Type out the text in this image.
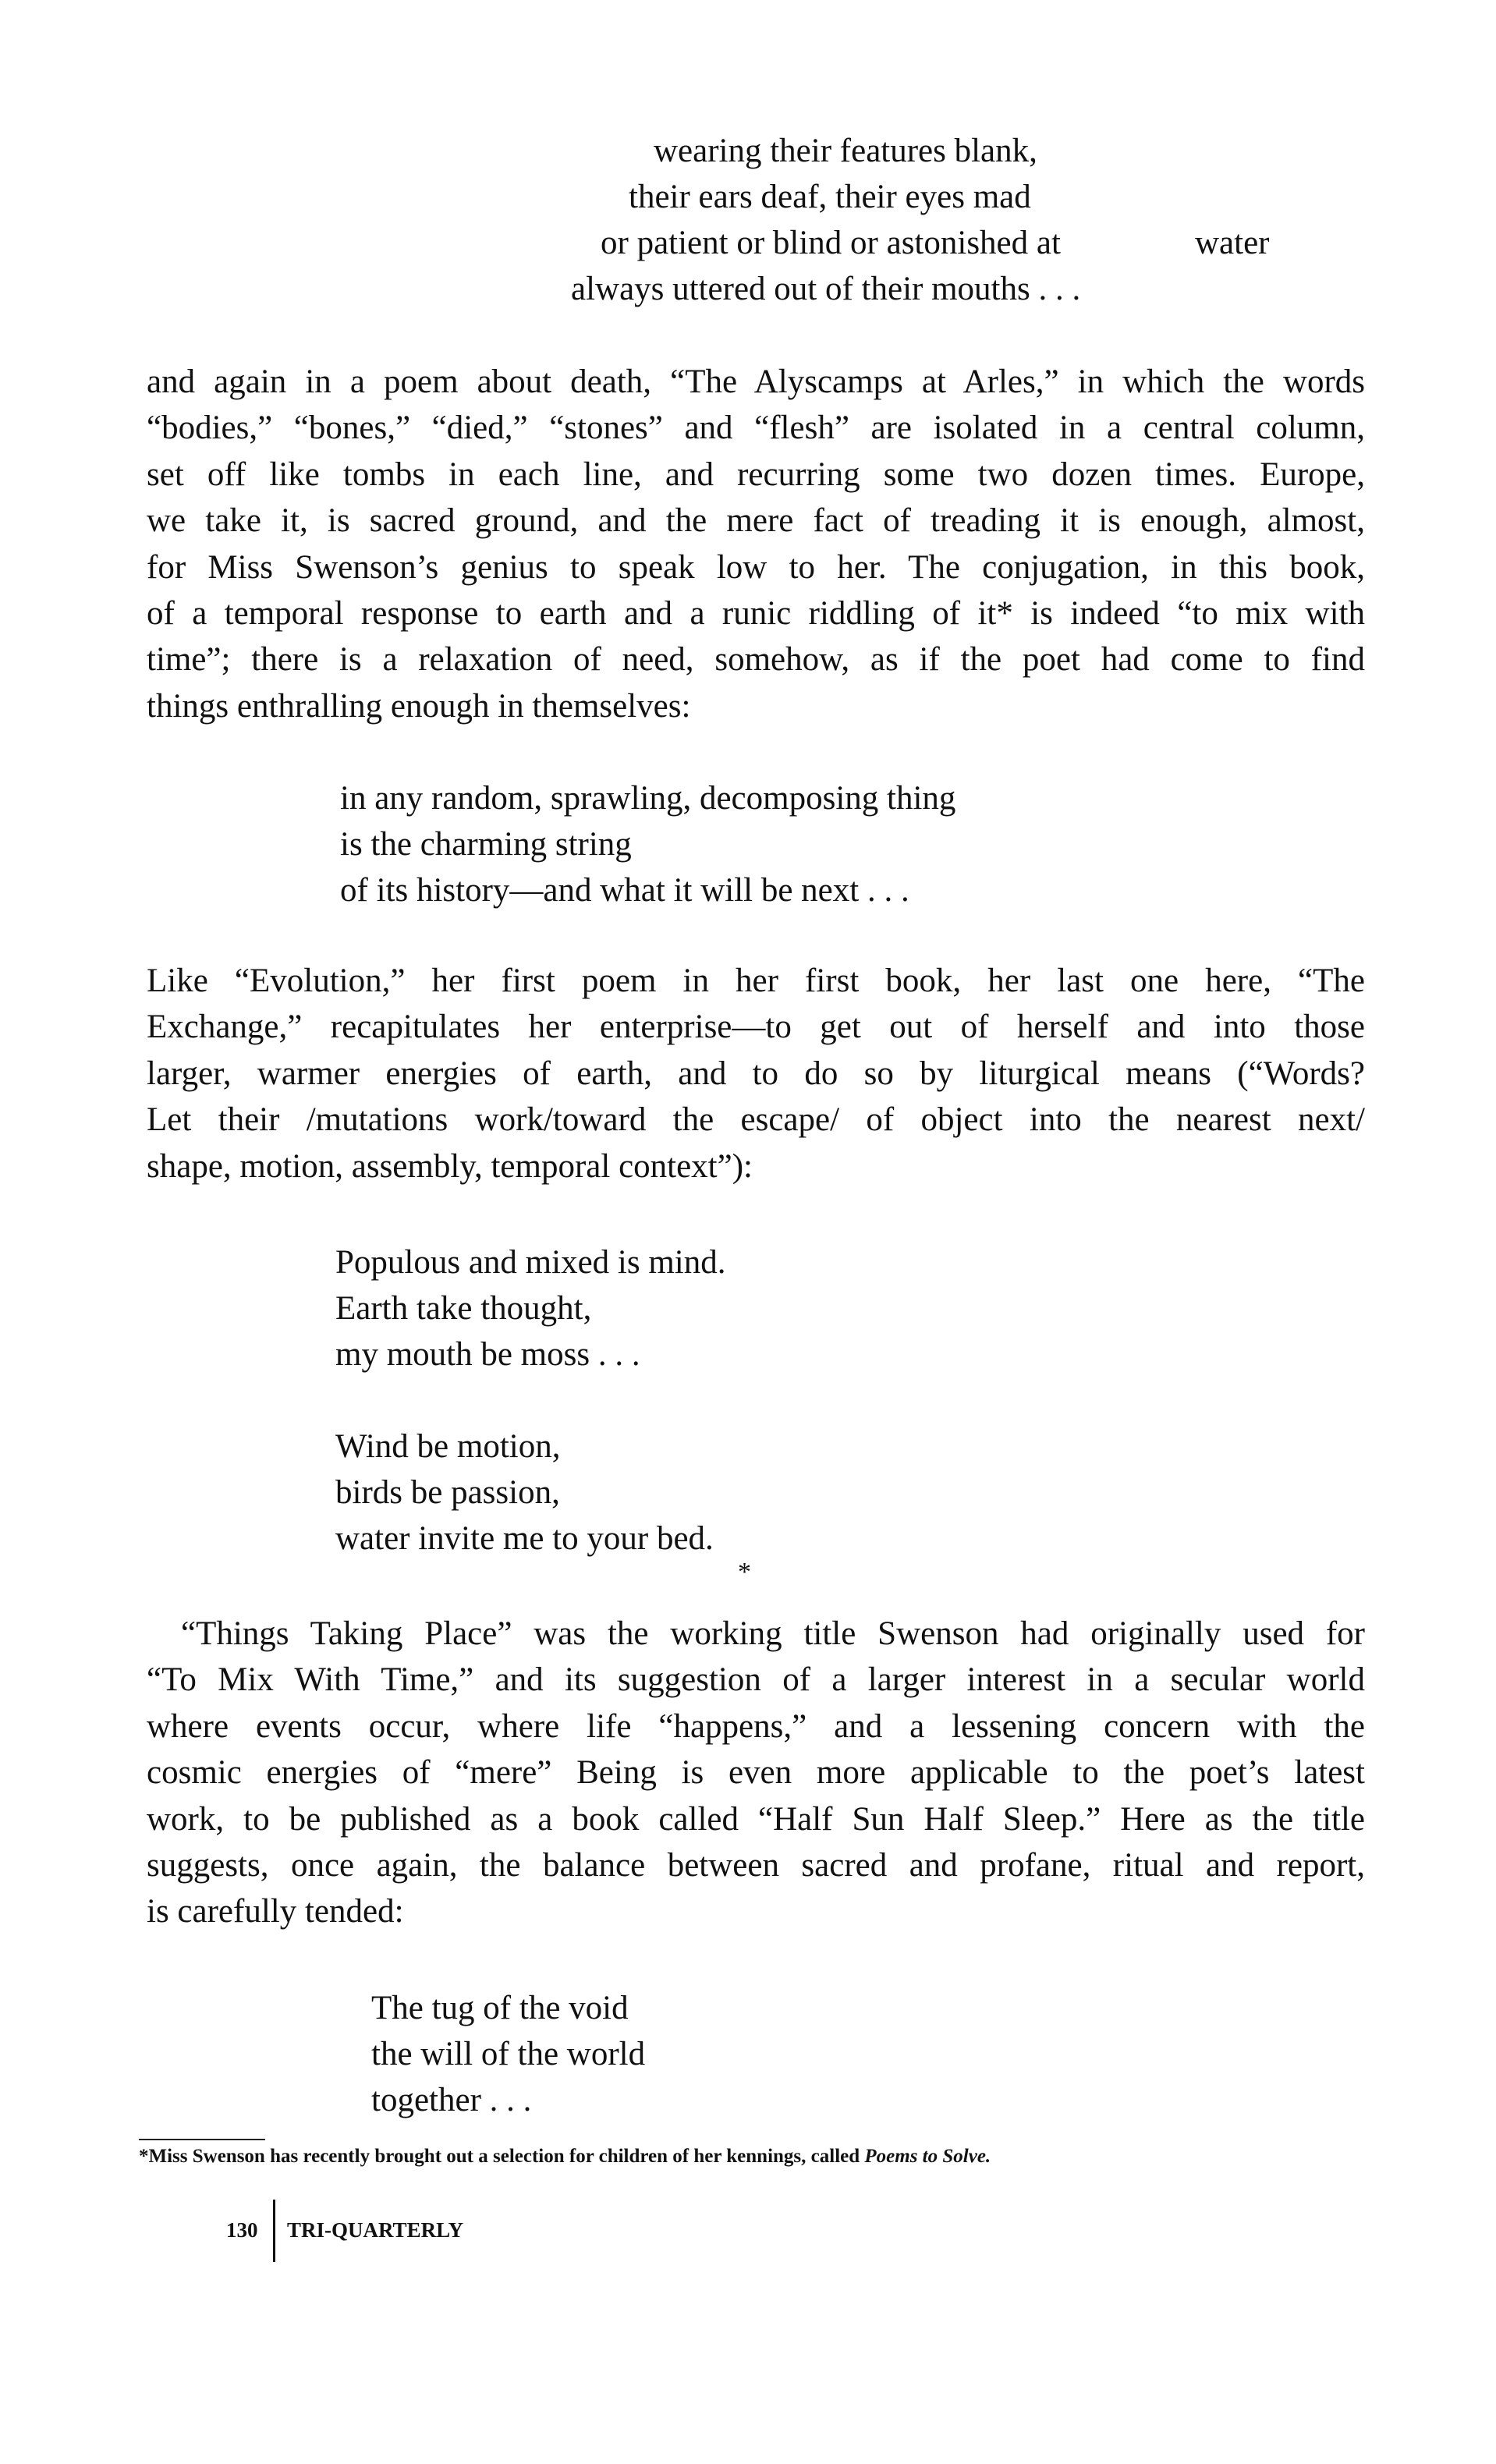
wearing their features blank,
their ears deaf, their eyes mad
or patient or blind or astonished at	water
always uttered out of their mouths . . .
and again in a poem about death, “The Alyscamps at Arles,” in which the words
“bodies,” “bones,” “died,” “stones” and “flesh” are isolated in a central column,
set off like tombs in each line, and recurring some two dozen times. Europe,
we take it, is sacred ground, and the mere fact of treading it is enough, almost,
for Miss Swenson’s genius to speak low to her. The conjugation, in this book,
of a temporal response to earth and a runic riddling of it* is indeed “to mix with
time”; there is a relaxation of need, somehow, as if the poet had come to find
things enthralling enough in themselves:
in any random, sprawling, decomposing thing
is the charming string
of its history—and what it will be next . . .
Like “Evolution,” her first poem in her first book, her last one here, “The
Exchange,” recapitulates her enterprise—to get out of herself and into those
larger, warmer energies of earth, and to do so by liturgical means (“Words?
Let their /mutations work/toward the escape/ of object into the nearest next/
shape, motion, assembly, temporal context”):
Populous and mixed is mind.
Earth take thought,
my mouth be moss . . .
Wind be motion,
birds be passion,
water invite me to your bed.
*
“Things Taking Place” was the working title Swenson had originally used for
“To Mix With Time,” and its suggestion of a larger interest in a secular world
where events occur, where life “happens,” and a lessening concern with the
cosmic energies of “mere” Being is even more applicable to the poet’s latest
work, to be published as a book called “Half Sun Half Sleep.” Here as the title
suggests, once again, the balance between sacred and profane, ritual and report,
is carefully tended:
The tug of the void
the will of the world
together . . .
*Miss Swenson has recently brought out a selection for children of her kennings, called Poems to Solve.
130 TRI-QUARTERLY
